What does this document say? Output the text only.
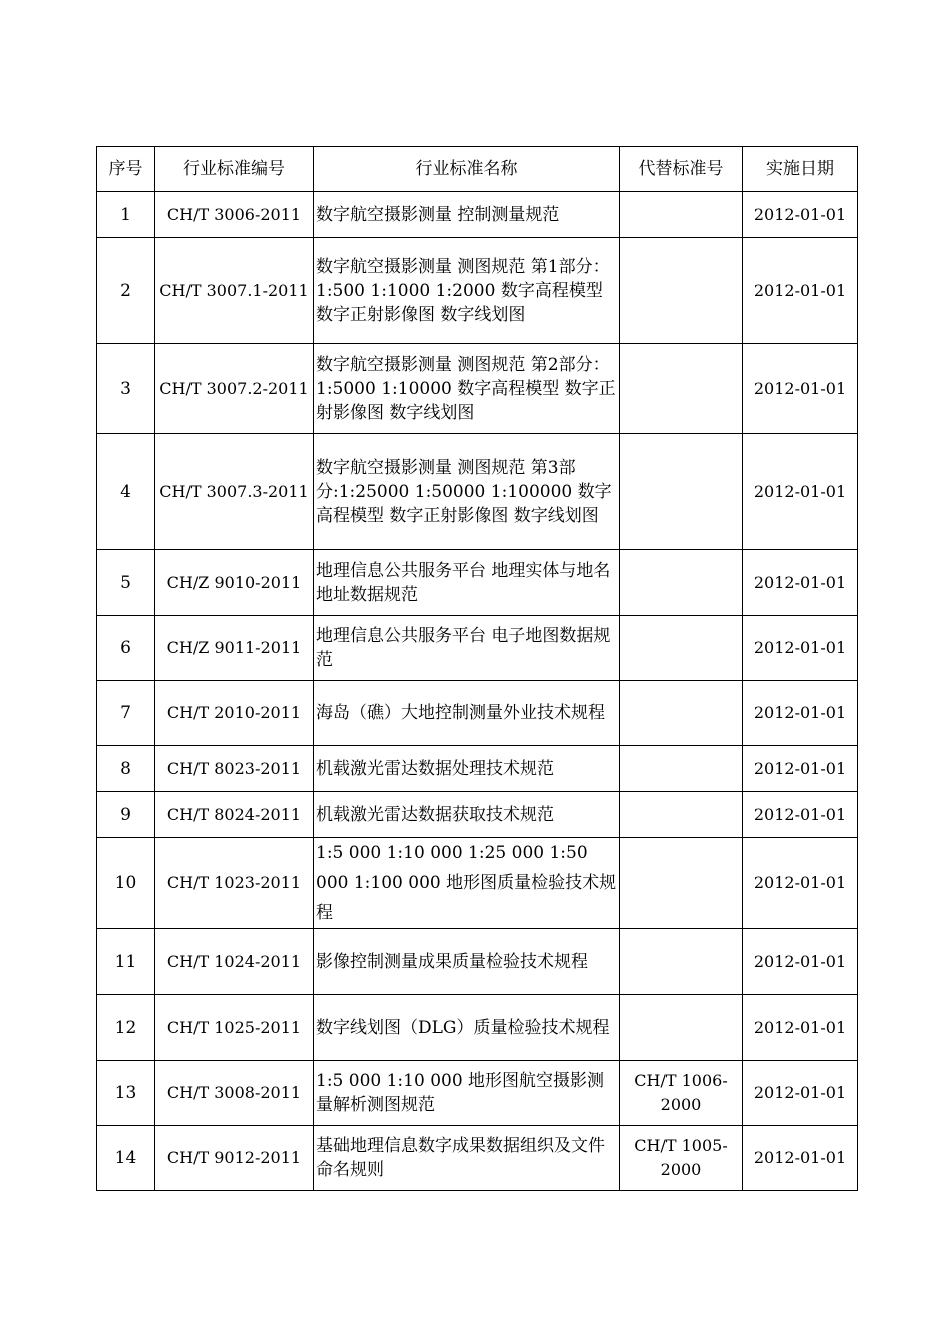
序号	行业标准编号	行业标准名称	代替标准号	实施日期
1	CH/T 3006-2011	数字航空摄影测量 控制测量规范		2012-01-01
2	CH/T 3007.1-2011	数字航空摄影测量 测图规范 第1部分：1:500 1:1000 1:2000 数字高程模型 数字正射影像图 数字线划图		2012-01-01
3	CH/T 3007.2-2011	数字航空摄影测量 测图规范 第2部分：1:5000 1:10000 数字高程模型 数字正射影像图 数字线划图		2012-01-01
4	CH/T 3007.3-2011	数字航空摄影测量 测图规范 第3部分:1:25000 1:50000 1:100000 数字高程模型 数字正射影像图 数字线划图		2012-01-01
5	CH/Z 9010-2011	地理信息公共服务平台 地理实体与地名地址数据规范		2012-01-01
6	CH/Z 9011-2011	地理信息公共服务平台 电子地图数据规范		2012-01-01
7	CH/T 2010-2011	海岛（礁）大地控制测量外业技术规程		2012-01-01
8	CH/T 8023-2011	机载激光雷达数据处理技术规范		2012-01-01
9	CH/T 8024-2011	机载激光雷达数据获取技术规范		2012-01-01
10	CH/T 1023-2011	1:5 000 1:10 000 1:25 000 1:50 000 1:100 000 地形图质量检验技术规程		2012-01-01
11	CH/T 1024-2011	影像控制测量成果质量检验技术规程		2012-01-01
12	CH/T 1025-2011	数字线划图（DLG）质量检验技术规程		2012-01-01
13	CH/T 3008-2011	1:5 000 1:10 000 地形图航空摄影测量解析测图规范	CH/T 1006-2000	2012-01-01
14	CH/T 9012-2011	基础地理信息数字成果数据组织及文件命名规则	CH/T 1005-2000	2012-01-01
